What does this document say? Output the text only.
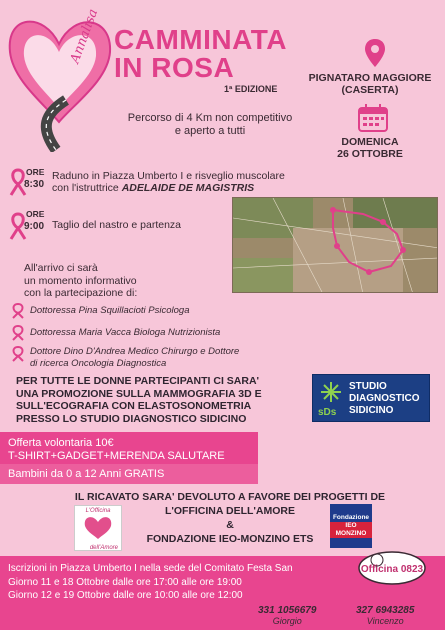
Annalisa CAMMINATA
IN ROSA
1ª EDIZIONE
PIGNATARO MAGGIORE
(CASERTA)
Percorso di 4 Km non competitivo
e aperto a tutti
DOMENICA
26 OTTOBRE
ORE
8:30
Raduno in Piazza Umberto I e risveglio muscolare
con l'istruttrice ADELAIDE DE MAGISTRIS
ORE
9:00 Taglio del nastro e partenza
All'arrivo ci sarà
un momento informativo
con la partecipazione di:
Dottoressa Pina Squillacioti Psicologa
Dottoressa Maria Vacca Biologa Nutrizionista
Dottore Dino D'Andrea Medico Chirurgo e Dottore
di ricerca Oncologia Diagnostica
PER TUTTE LE DONNE PARTECIPANTI CI SARA'
UNA PROMOZIONE SULLA MAMMOGRAFIA 3D E
SULL'ECOGRAFIA CON ELASTOSONOMETRIA
PRESSO LO STUDIO DIAGNOSTICO SIDICINO	sDs
STUDIO
DIAGNOSTICO
SIDICINO
Offerta volontaria 10€
T-SHIRT+GADGET+MERENDA SALUTARE
Bambini da 0 a 12 Anni GRATIS
IL RICAVATO SARA' DEVOLUTO A FAVORE DEI PROGETTI DE
L'OFFICINA DELL'AMORE
&
FONDAZIONE IEO-MONZINO ETS
L'Officina
dell'Amore
Fondazione
IEO
MONZINO
Iscrizioni in Piazza Umberto I nella sede del Comitato Festa San
Giorno 11 e 18 Ottobre dalle ore 17:00 alle ore 19:00
Giorno 12 e 19 Ottobre dalle ore 10:00 alle ore 12:00
331 1056679
Giorgio
327 6943285
Vincenzo
Officina 0823
